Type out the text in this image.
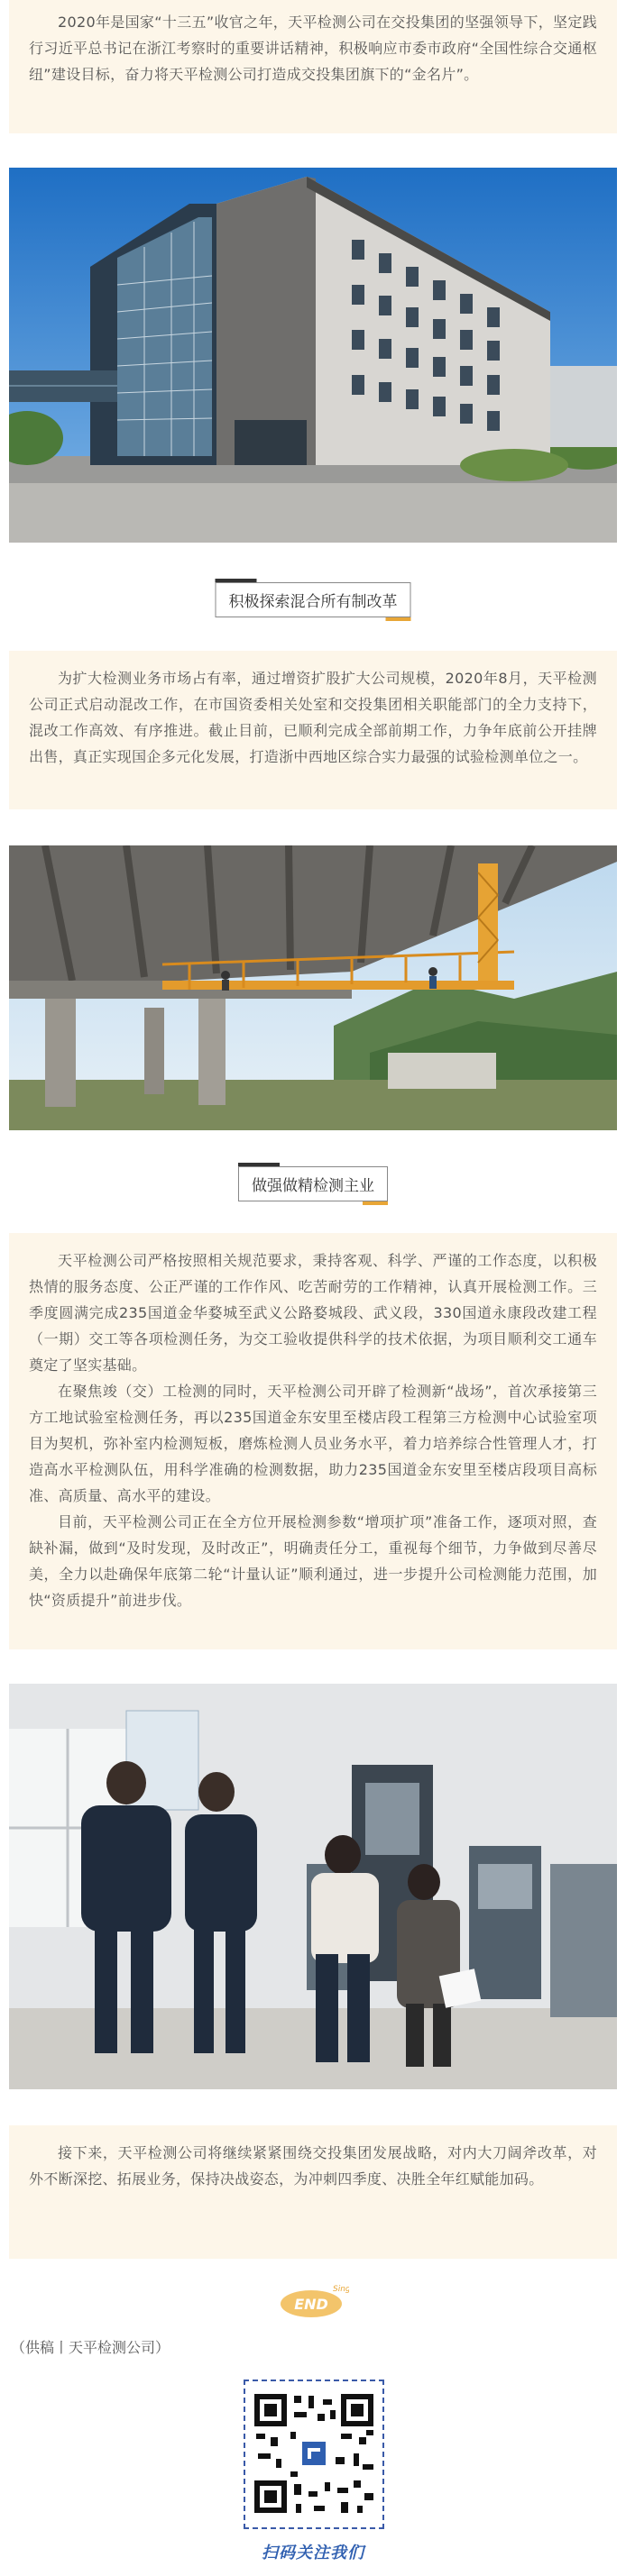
2020年是国家“十三五”收官之年，天平检测公司在交投集团的坚强领导下，坚定践行习近平总书记在浙江考察时的重要讲话精神，积极响应市委市政府“全国性综合交通枢纽”建设目标，奋力将天平检测公司打造成交投集团旗下的“金名片”。

积极探索混合所有制改革

为扩大检测业务市场占有率，通过增资扩股扩大公司规模，2020年8月，天平检测公司正式启动混改工作，在市国资委相关处室和交投集团相关职能部门的全力支持下，混改工作高效、有序推进。截止目前，已顺利完成全部前期工作，力争年底前公开挂牌出售，真正实现国企多元化发展，打造浙中西地区综合实力最强的试验检测单位之一。

做强做精检测主业

天平检测公司严格按照相关规范要求，秉持客观、科学、严谨的工作态度，以积极热情的服务态度、公正严谨的工作作风、吃苦耐劳的工作精神，认真开展检测工作。三季度圆满完成235国道金华婺城至武义公路婺城段、武义段，330国道永康段改建工程（一期）交工等各项检测任务，为交工验收提供科学的技术依据，为项目顺利交工通车奠定了坚实基础。

在聚焦竣（交）工检测的同时，天平检测公司开辟了检测新“战场”，首次承接第三方工地试验室检测任务，再以235国道金东安里至楼店段工程第三方检测中心试验室项目为契机，弥补室内检测短板，磨炼检测人员业务水平，着力培养综合性管理人才，打造高水平检测队伍，用科学准确的检测数据，助力235国道金东安里至楼店段项目高标准、高质量、高水平的建设。

目前，天平检测公司正在全方位开展检测参数“增项扩项”准备工作，逐项对照，查缺补漏，做到“及时发现，及时改正”，明确责任分工，重视每个细节，力争做到尽善尽美，全力以赴确保年底第二轮“计量认证”顺利通过，进一步提升公司检测能力范围，加快“资质提升”前进步伐。

接下来，天平检测公司将继续紧紧围绕交投集团发展战略，对内大刀阔斧改革，对外不断深挖、拓展业务，保持决战姿态，为冲刺四季度、决胜全年红赋能加码。

END
Sing
（供稿丨天平检测公司）
扫码关注我们
